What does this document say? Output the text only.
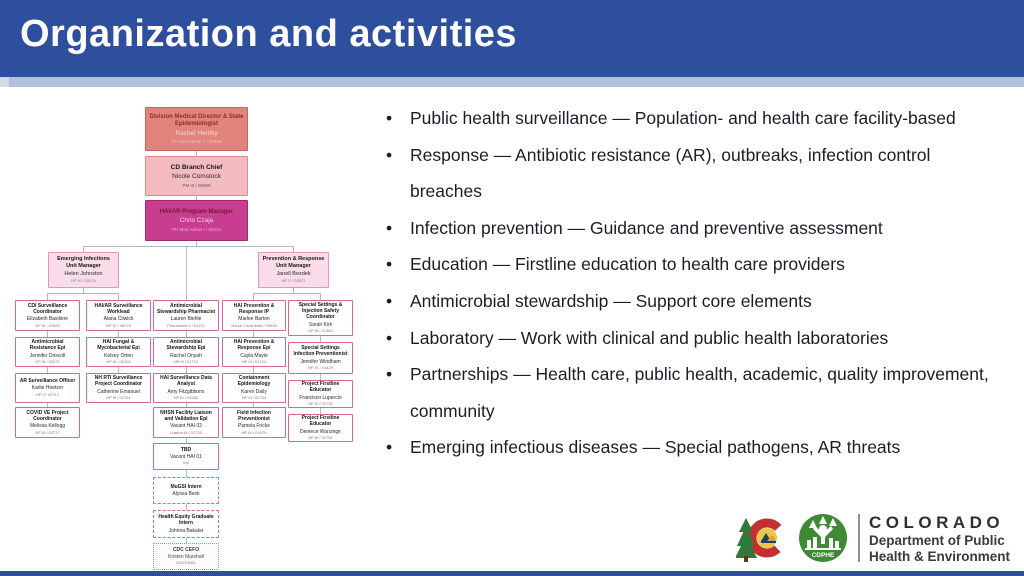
Organization and activities
Division Medical Director & State Epidemiologist
Rachel Herlihy
PH Med Admin II / 57408
CD Branch Chief
Nicole Comstock
PM III / 00609
HAI/AR Program Manager
Chris Czaja
PH Med Admin I / 60410
Emerging Infections Unit Manager
Helen Johnston
HP VI / 02074
Prevention & Response Unit Manager
Janell Bezdek
HP V / 02872
CDI Surveillance Coordinator
Elizabeth Basiliere
HP III / 02920
Antimicrobial Resistance Epi
Jennifer Driscoll
HP III / 02071
AR Surveillance Officer
Karlie Hoetzer
HP II / 00717
COVID VE Project Coordinator
Melissa Kellogg
HP III / 02777
HAI/AR Surveillance Worklead
Alana Cilwick
HP IV / 08075
HAI Fungal & Mycobacterial Epi
Kelsey Orten
HP III / 02103
NH RTI Surveillance Project Coordinator
Catherine Emanuel
HP III / 02761
Antimicrobial Stewardship Pharmacist
Lauren Biehle
Pharmacist II / 01122
Antimicrobial Stewardship Epi
Rachel Onyah
HP III / 01712
HAI Surveillance Data Analyst
Amy Fitzgibbons
HP IV / 02452
NHSN Facility Liaison and Validation Epi
Vacant HAI 02
Liaison III / 02715
TBD
Vacant HAI 01
tbd
MuGSI Intern
Alyssa Beck
Health Equity Graduate Intern
Johnna Bakalar
CDC CEFO
Kristen Marshall
CDC01061
HAI Prevention & Response IP
Marlee Barton
Nurse Consultant / 00906
HAI Prevention & Response Epi
Cayla Mayle
HP III / 01714
Containment Epidemiology
Karen Daily
HP III / 02754
Field Infection Preventionist
Pamela Fricke
HP IV / 01979
Special Settings & Injection Safety Coordinator
Sarah Kirk
HP III / 01384
Special Settings Infection Preventionist
Jennifer Windham
HP IV / 01429
Project Firstline Educator
Francisco Lupercio
HP III / 01739
Project Firstline Educator
Deniece Waruinge
HP III / 01761
• Public health surveillance — Population- and health care facility-based
• Response — Antibiotic resistance (AR), outbreaks, infection control breaches
• Infection prevention — Guidance and preventive assessment
• Education — Firstline education to health care providers
• Antimicrobial stewardship — Support core elements
• Laboratory — Work with clinical and public health laboratories
• Partnerships — Health care, public health, academic, quality improvement, community
• Emerging infectious diseases — Special pathogens, AR threats
CDPHE
COLORADO
Department of Public
Health & Environment
